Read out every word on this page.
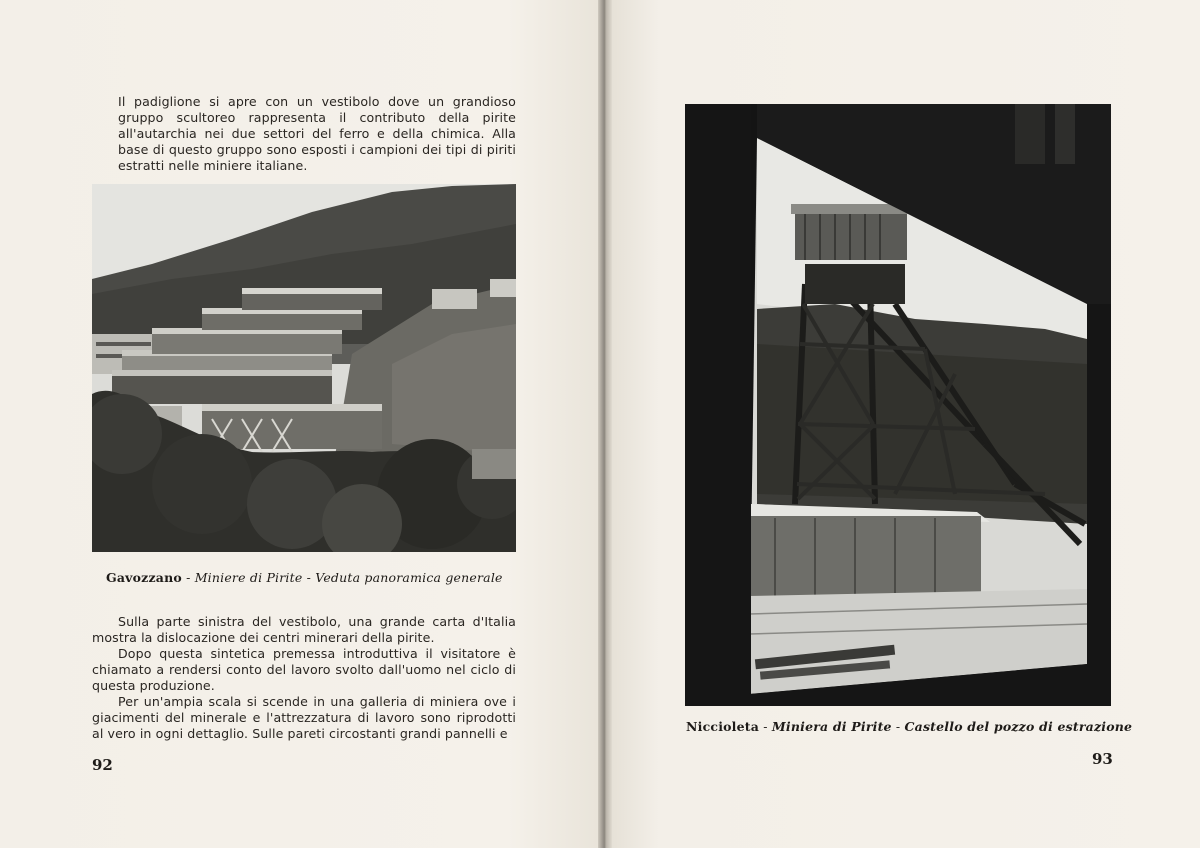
Il padiglione si apre con un vestibolo dove un grandioso gruppo scultoreo rappresenta il contributo della pirite all'autarchia nei due settori del ferro e della chimica. Alla base di questo gruppo sono esposti i campioni dei tipi di piriti estratti nelle miniere italiane.

Gavozzano - Miniere di Pirite - Veduta panoramica generale

Sulla parte sinistra del vestibolo, una grande carta d'Italia mostra la dislocazione dei centri minerari della pirite.

Dopo questa sintetica premessa introduttiva il visitatore è chiamato a rendersi conto del lavoro svolto dall'uomo nel ciclo di questa produzione.

Per un'ampia scala si scende in una galleria di miniera ove i giacimenti del minerale e l'attrezzatura di lavoro sono riprodotti al vero in ogni dettaglio. Sulle pareti circostanti grandi pannelli e

92

Niccioleta - Miniera di Pirite - Castello del pozzo di estrazione

93
